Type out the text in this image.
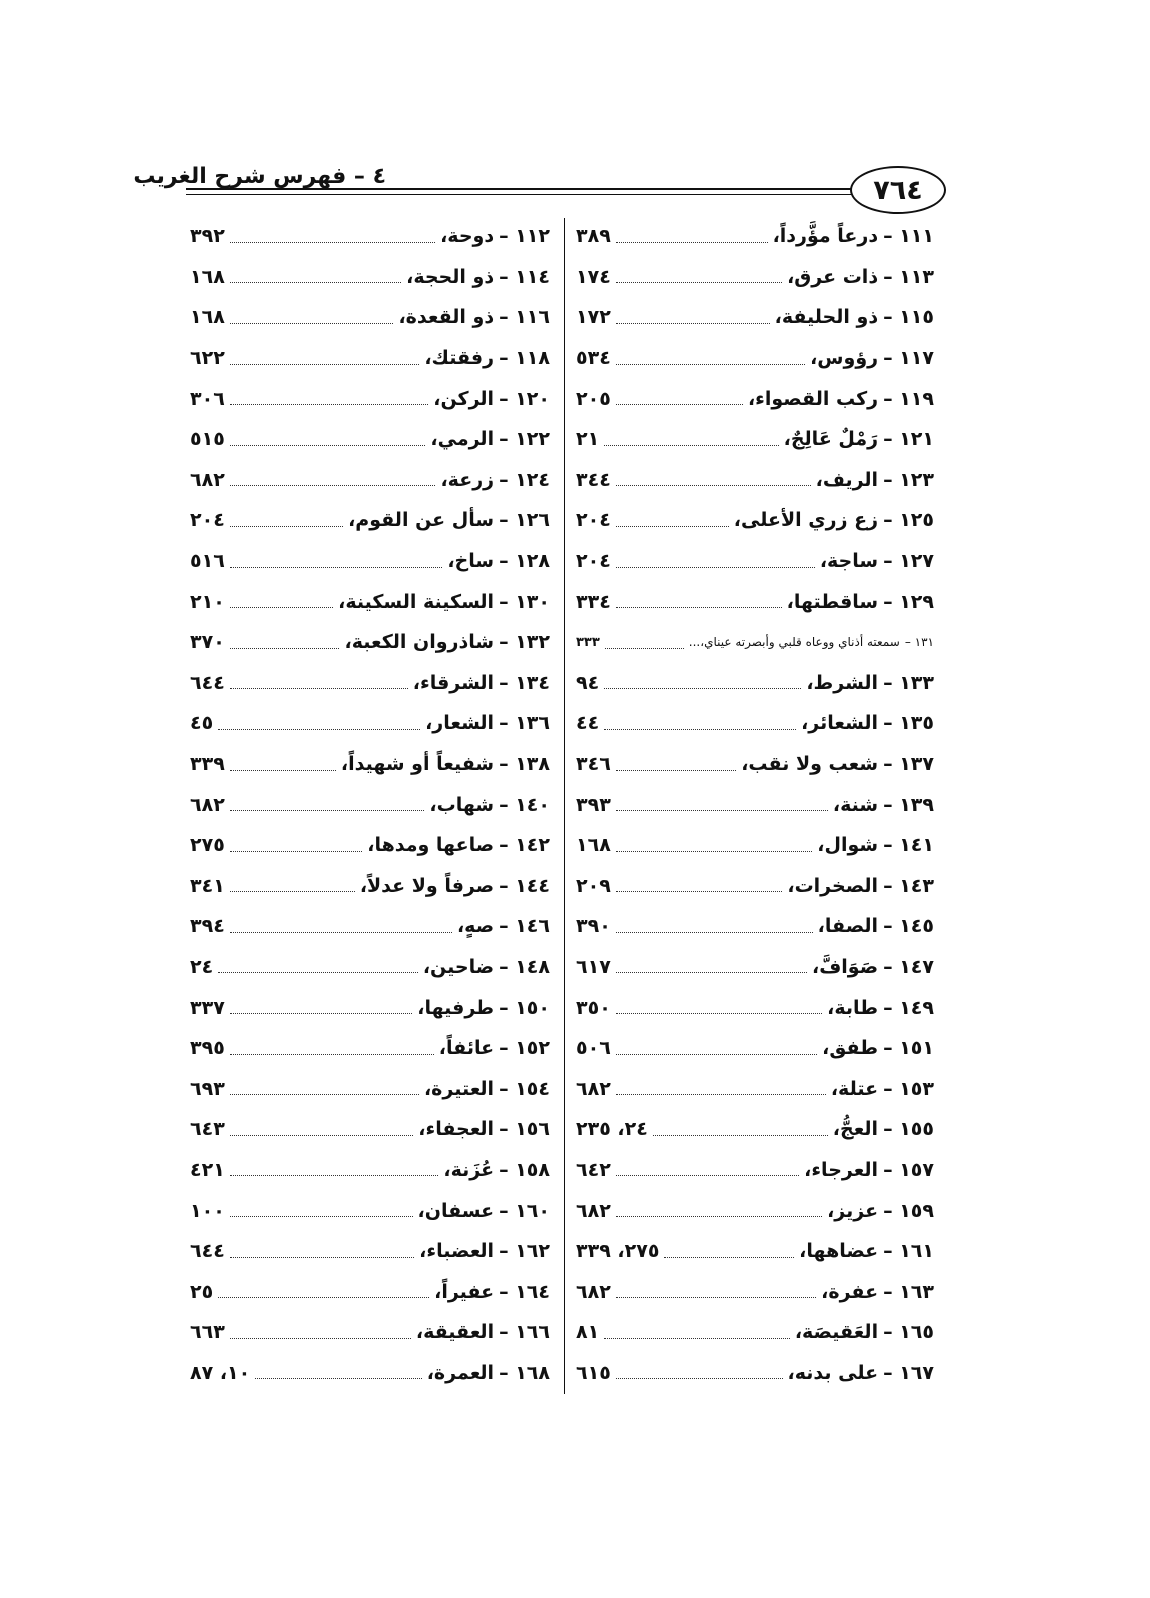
٤ – فهرس شرح الغريب	٧٦٤
١١١ –
درعاً مؤَّرداً،
٣٨٩
١١٣ –
ذات عرق،
١٧٤
١١٥ –
ذو الحليفة،
١٧٢
١١٧ –
رؤوس،
٥٣٤
١١٩ –
ركب القصواء،
٢٠٥
١٢١ –
رَمْلٌ عَالِجٌ،
٢١
١٢٣ –
الريف،
٣٤٤
١٢٥ –
زع زري الأعلى،
٢٠٤
١٢٧ –
ساجة،
٢٠٤
١٢٩ –
ساقطتها،
٣٣٤
١٣١ –
سمعته أذناي ووعاه قلبي وأبصرته عيناي،...
٣٣٣
١٣٣ –
الشرط،
٩٤
١٣٥ –
الشعائر،
٤٤
١٣٧ –
شعب ولا نقب،
٣٤٦
١٣٩ –
شنة،
٣٩٣
١٤١ –
شوال،
١٦٨
١٤٣ –
الصخرات،
٢٠٩
١٤٥ –
الصفا،
٣٩٠
١٤٧ –
صَوَافَّ،
٦١٧
١٤٩ –
طابة،
٣٥٠
١٥١ –
طفق،
٥٠٦
١٥٣ –
عتلة،
٦٨٢
١٥٥ –
العجُّ،
٢٤، ٢٣٥
١٥٧ –
العرجاء،
٦٤٢
١٥٩ –
عزيز،
٦٨٢
١٦١ –
عضاهها،
٢٧٥، ٣٣٩
١٦٣ –
عفرة،
٦٨٢
١٦٥ –
العَقيصَة،
٨١
١٦٧ –
على بدنه،
٦١٥
١١٢ –
دوحة،
٣٩٢
١١٤ –
ذو الحجة،
١٦٨
١١٦ –
ذو القعدة،
١٦٨
١١٨ –
رفقتك،
٦٢٢
١٢٠ –
الركن،
٣٠٦
١٢٢ –
الرمي،
٥١٥
١٢٤ –
زرعة،
٦٨٢
١٢٦ –
سأل عن القوم،
٢٠٤
١٢٨ –
ساخ،
٥١٦
١٣٠ –
السكينة السكينة،
٢١٠
١٣٢ –
شاذروان الكعبة،
٣٧٠
١٣٤ –
الشرقاء،
٦٤٤
١٣٦ –
الشعار،
٤٥
١٣٨ –
شفيعاً أو شهيداً،
٣٣٩
١٤٠ –
شهاب،
٦٨٢
١٤٢ –
صاعها ومدها،
٢٧٥
١٤٤ –
صرفاً ولا عدلاً،
٣٤١
١٤٦ –
صهٍ،
٣٩٤
١٤٨ –
ضاحين،
٢٤
١٥٠ –
طرفيها،
٣٣٧
١٥٢ –
عائفاً،
٣٩٥
١٥٤ –
العتيرة،
٦٩٣
١٥٦ –
العجفاء،
٦٤٣
١٥٨ –
عُزَنة،
٤٢١
١٦٠ –
عسفان،
١٠٠
١٦٢ –
العضباء،
٦٤٤
١٦٤ –
عفيراً،
٢٥
١٦٦ –
العقيقة،
٦٦٣
١٦٨ –
العمرة،
١٠، ٨٧
